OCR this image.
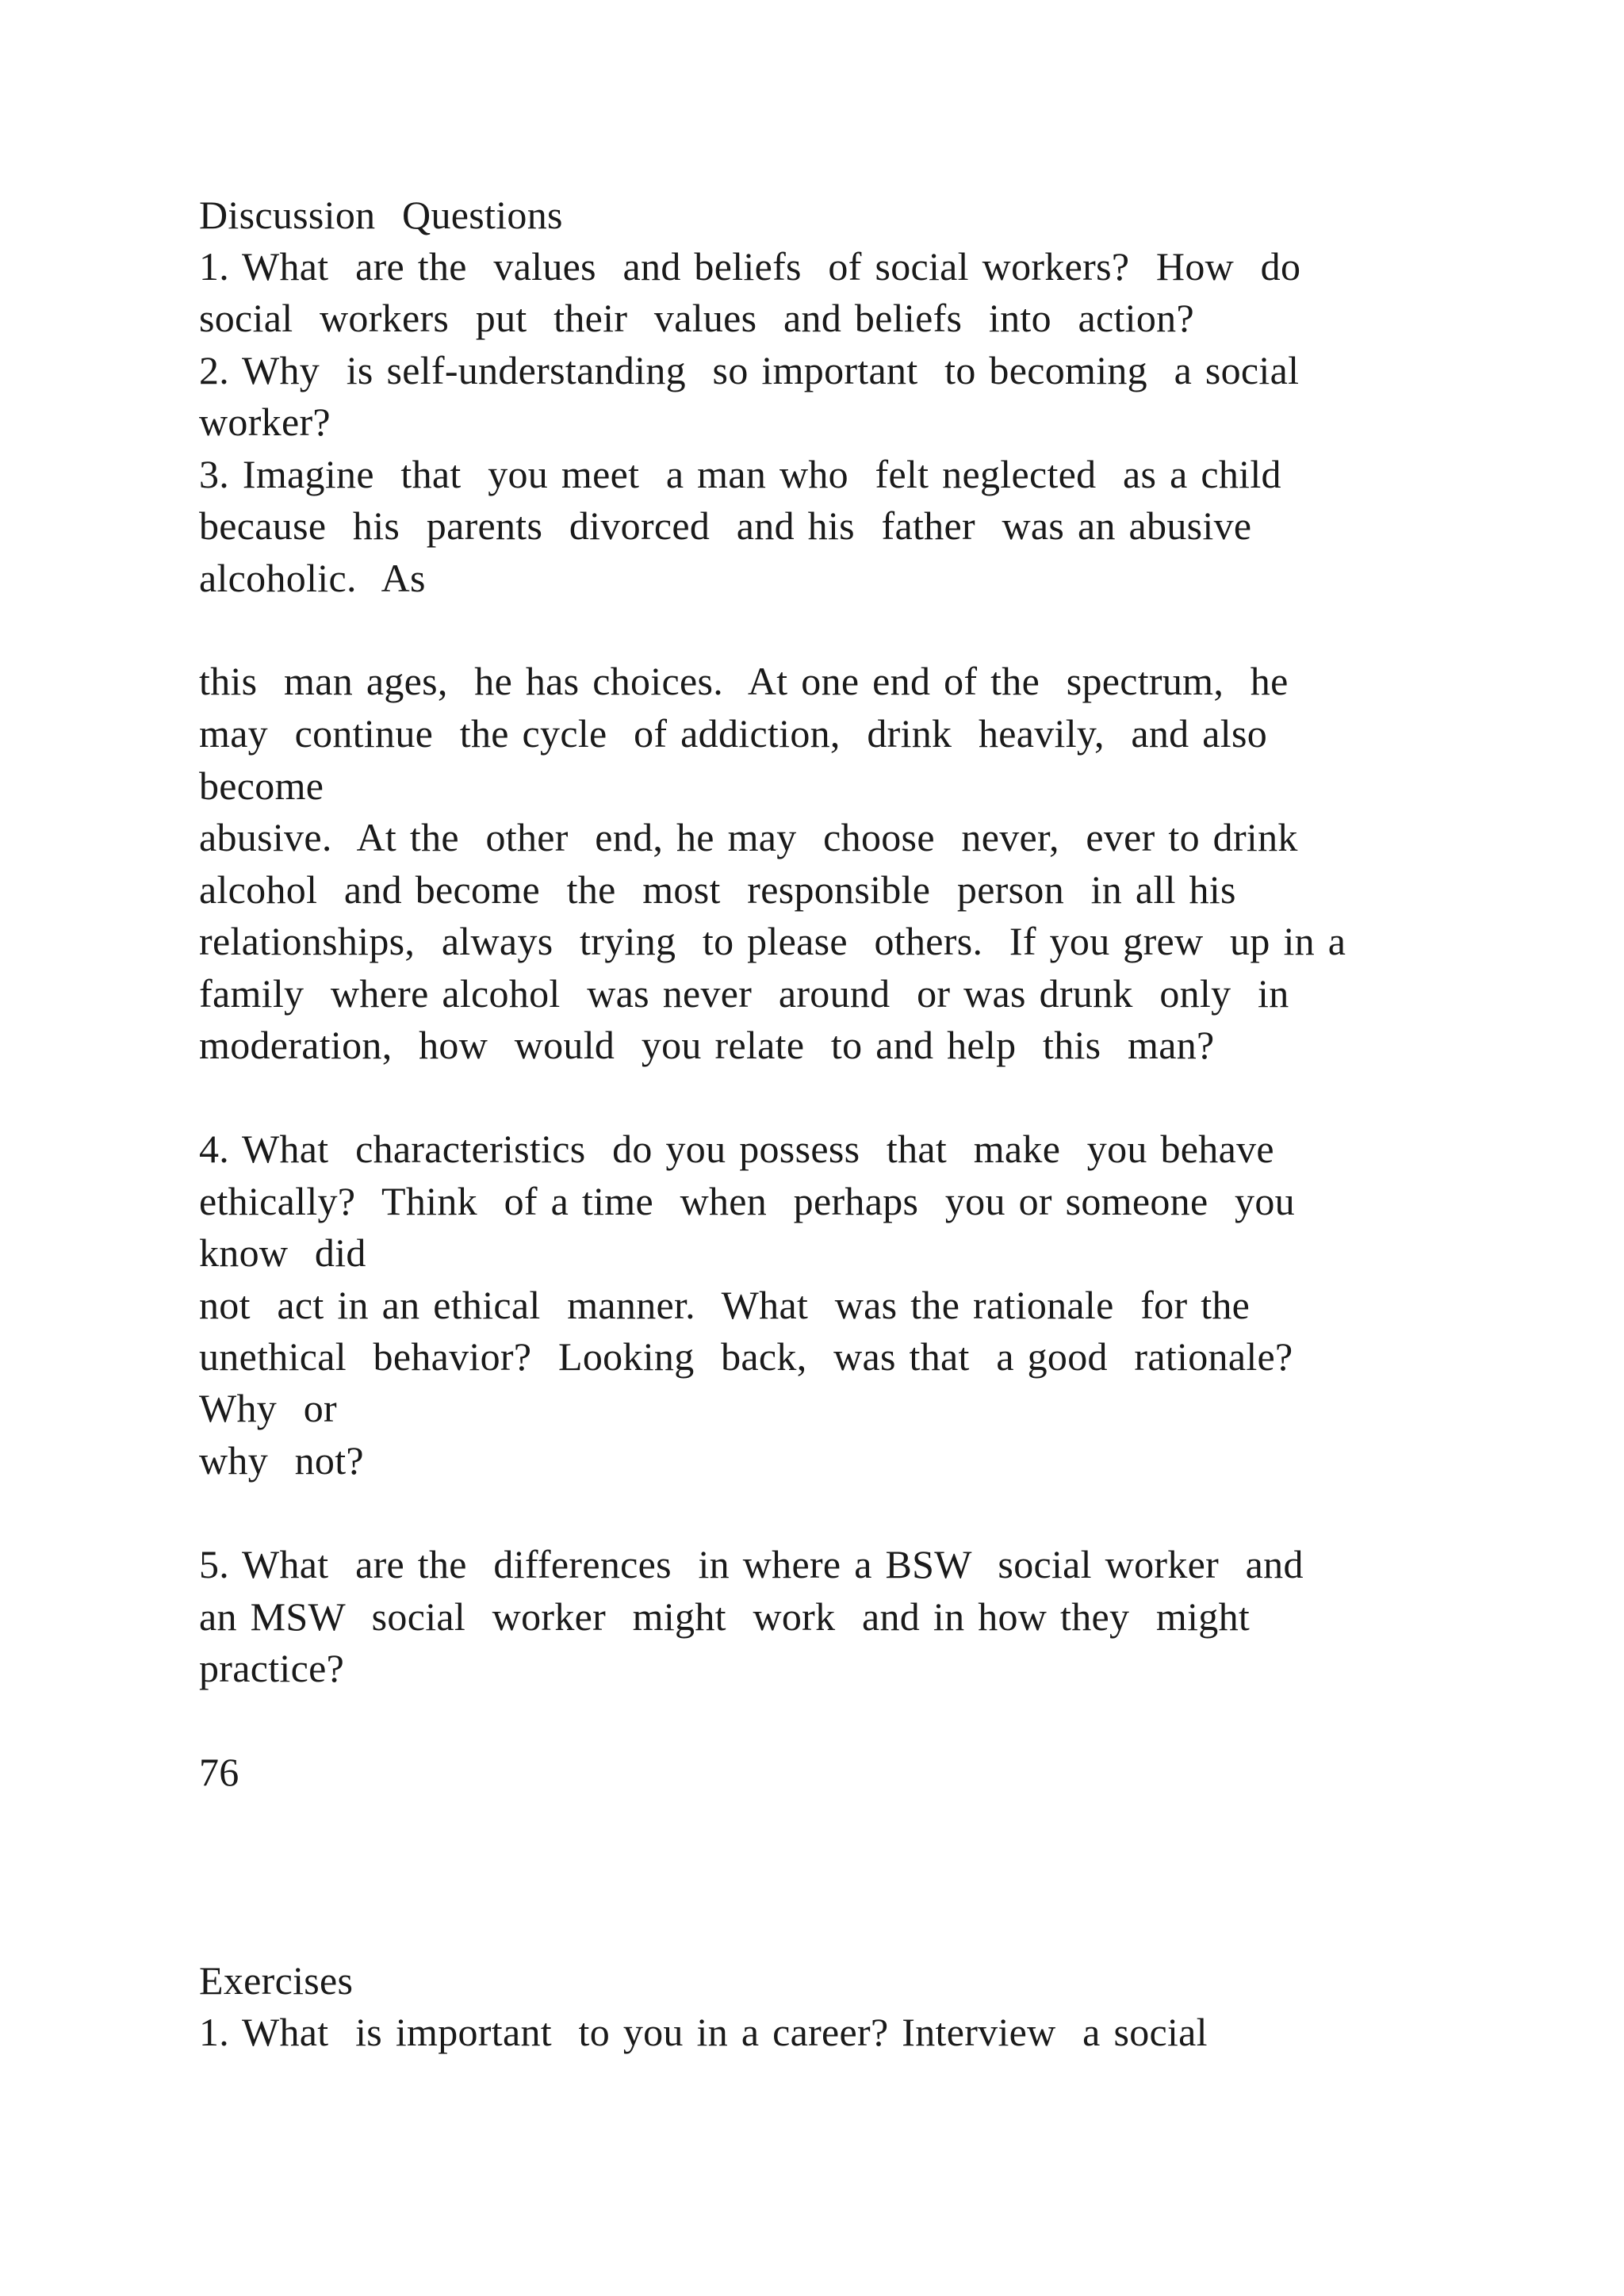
Discussion  Questions
1. What  are the  values  and beliefs  of social workers?  How  do
social  workers  put  their  values  and beliefs  into  action?
2. Why  is self-understanding  so important  to becoming  a social
worker?
3. Imagine  that  you meet  a man who  felt neglected  as a child
because  his  parents  divorced  and his  father  was an abusive
alcoholic.  As
this  man ages,  he has choices.  At one end of the  spectrum,  he
may  continue  the cycle  of addiction,  drink  heavily,  and also
become
abusive.  At the  other  end, he may  choose  never,  ever to drink
alcohol  and become  the  most  responsible  person  in all his
relationships,  always  trying  to please  others.  If you grew  up in a
family  where alcohol  was never  around  or was drunk  only  in
moderation,  how  would  you relate  to and help  this  man?
4. What  characteristics  do you possess  that  make  you behave
ethically?  Think  of a time  when  perhaps  you or someone  you
know  did
not  act in an ethical  manner.  What  was the rationale  for the
unethical  behavior?  Looking  back,  was that  a good  rationale?
Why  or
why  not?
5. What  are the  differences  in where a BSW  social worker  and
an MSW  social  worker  might  work  and in how they  might
practice?
76
Exercises
1. What  is important  to you in a career? Interview  a social
